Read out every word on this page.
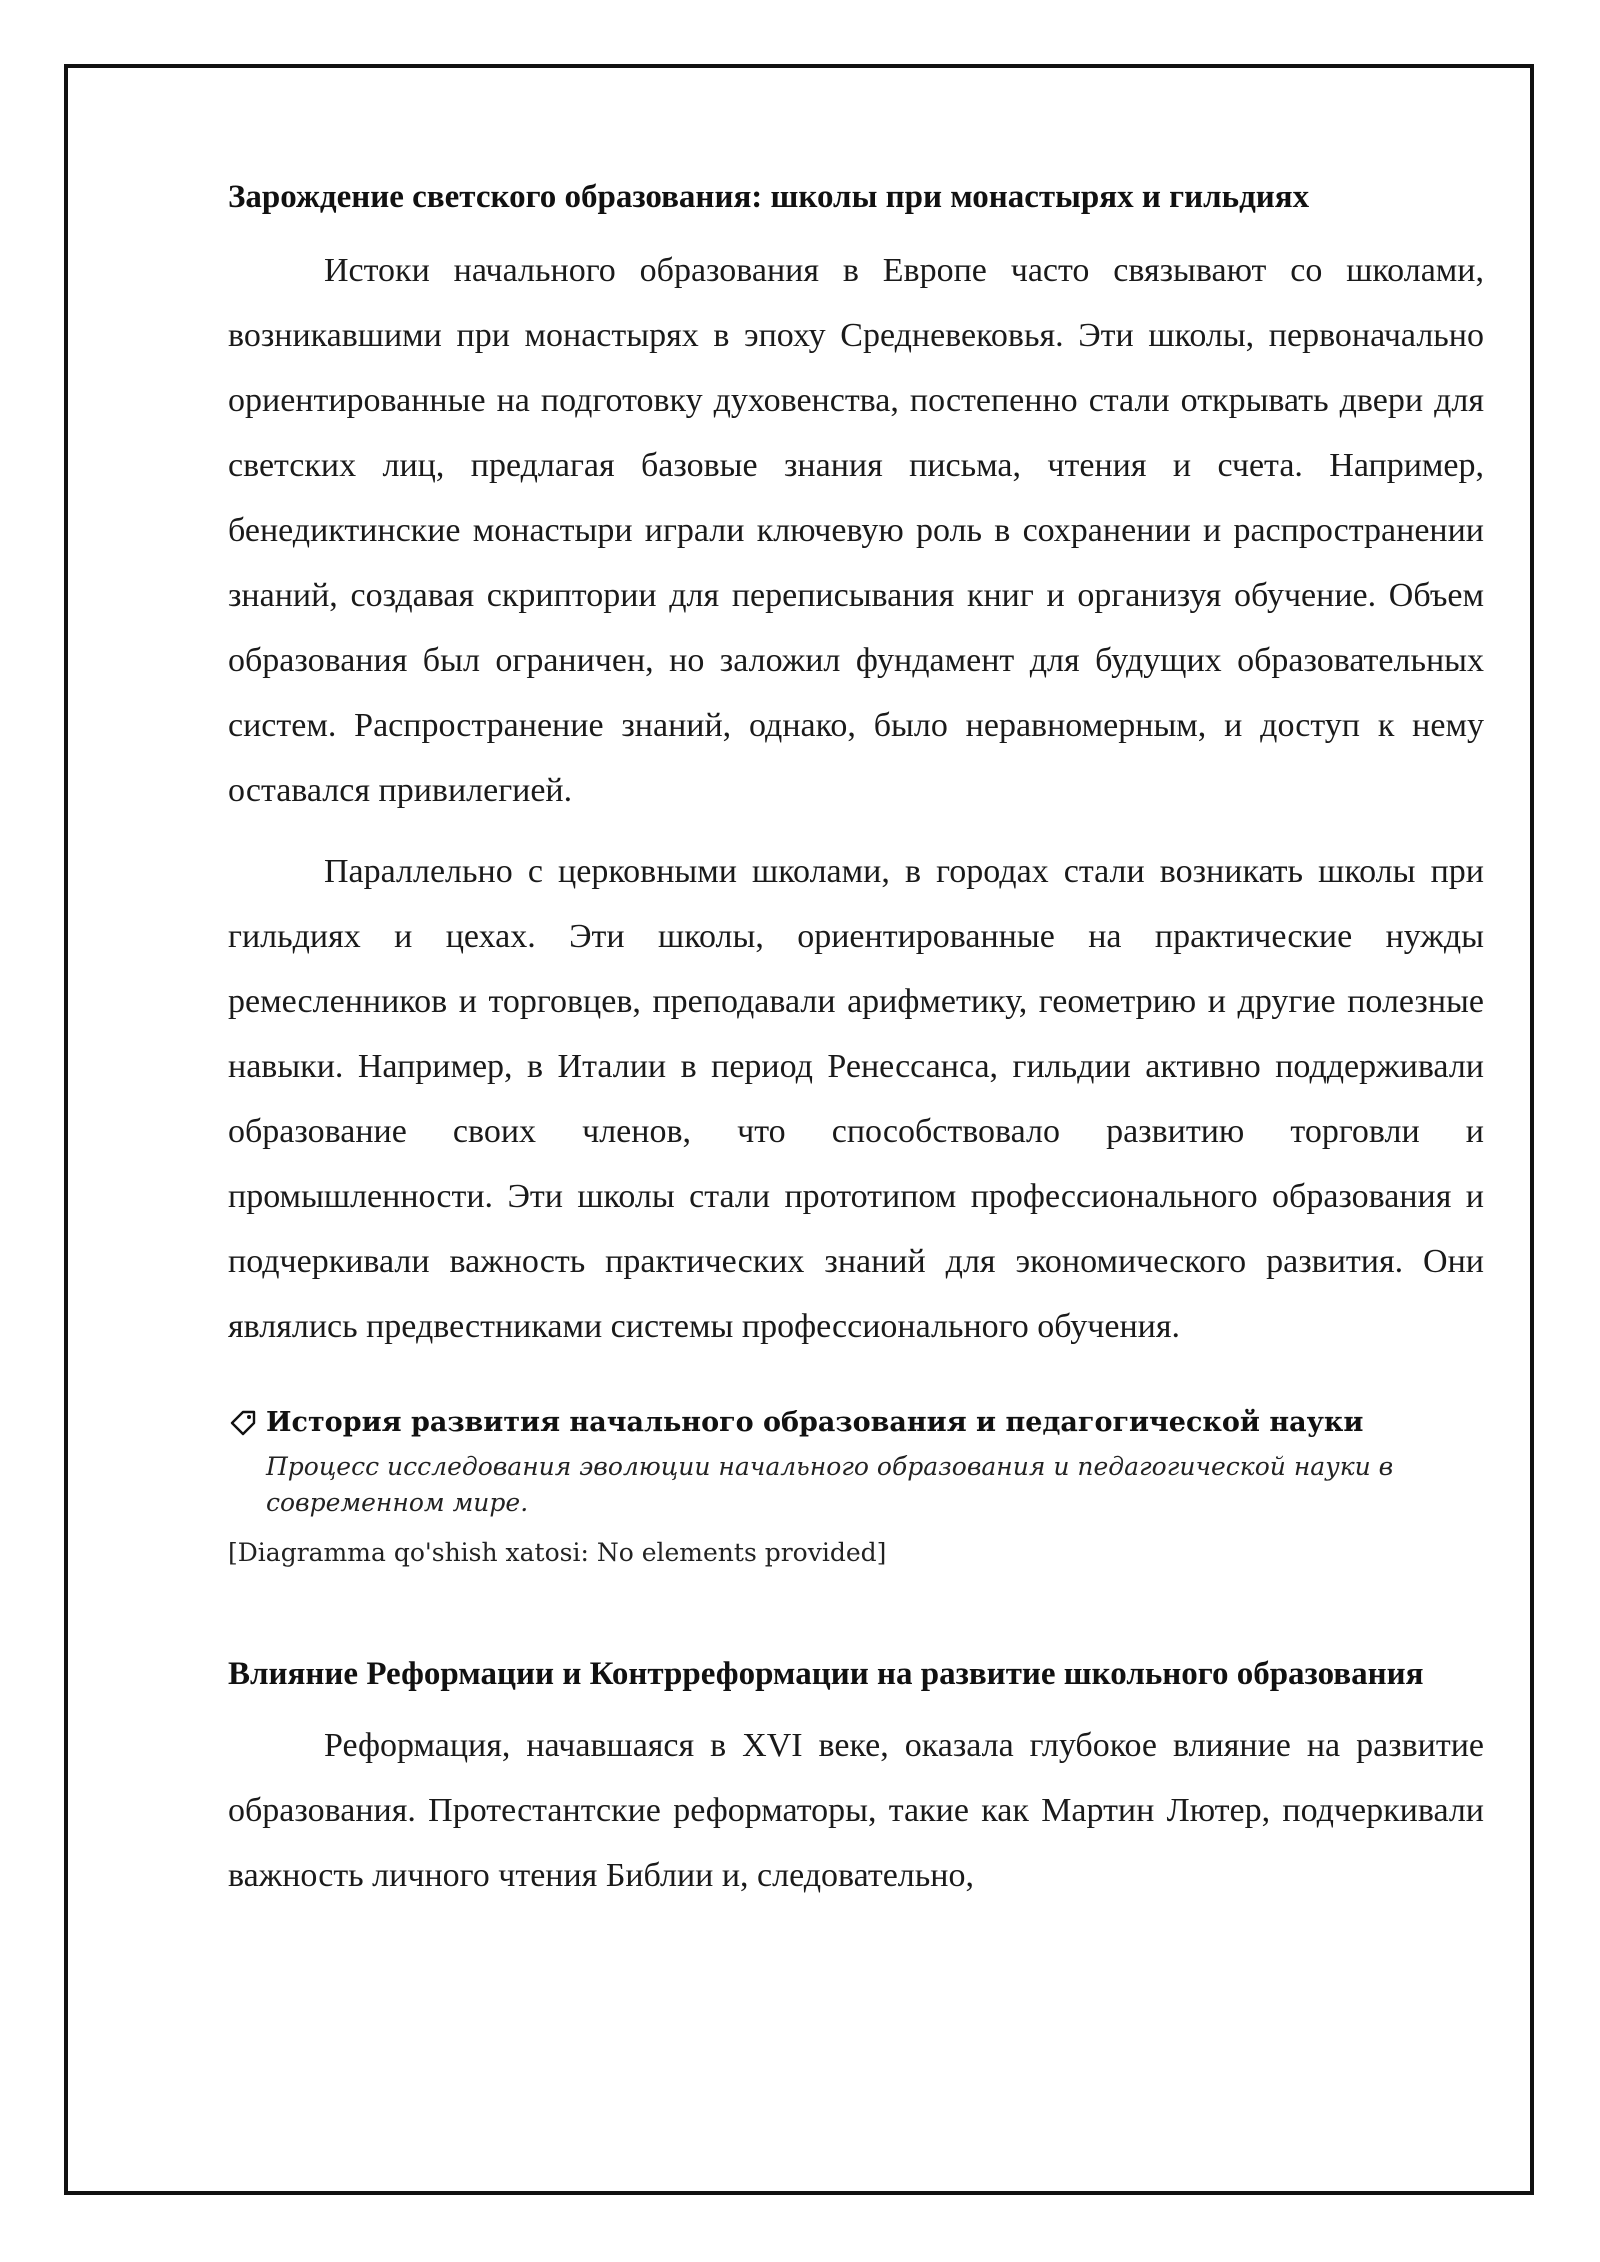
Зарождение светского образования: школы при монастырях и гильдиях

Истоки начального образования в Европе часто связывают со школами, возникавшими при монастырях в эпоху Средневековья. Эти школы, первоначально ориентированные на подготовку духовенства, постепенно стали открывать двери для светских лиц, предлагая базовые знания письма, чтения и счета. Например, бенедиктинские монастыри играли ключевую роль в сохранении и распространении знаний, создавая скриптории для переписывания книг и организуя обучение. Объем образования был ограничен, но заложил фундамент для будущих образовательных систем. Распространение знаний, однако, было неравномерным, и доступ к нему оставался привилегией.

Параллельно с церковными школами, в городах стали возникать школы при гильдиях и цехах. Эти школы, ориентированные на практические нужды ремесленников и торговцев, преподавали арифметику, геометрию и другие полезные навыки. Например, в Италии в период Ренессанса, гильдии активно поддерживали образование своих членов, что способствовало развитию торговли и промышленности. Эти школы стали прототипом профессионального образования и подчеркивали важность практических знаний для экономического развития. Они являлись предвестниками системы профессионального обучения.

История развития начального образования и педагогической науки
Процесс исследования эволюции начального образования и педагогической науки в современном мире.
[Diagramma qo'shish xatosi: No elements provided]
Влияние Реформации и Контрреформации на развитие школьного образования

Реформация, начавшаяся в XVI веке, оказала глубокое влияние на развитие образования. Протестантские реформаторы, такие как Мартин Лютер, подчеркивали важность личного чтения Библии и, следовательно,
